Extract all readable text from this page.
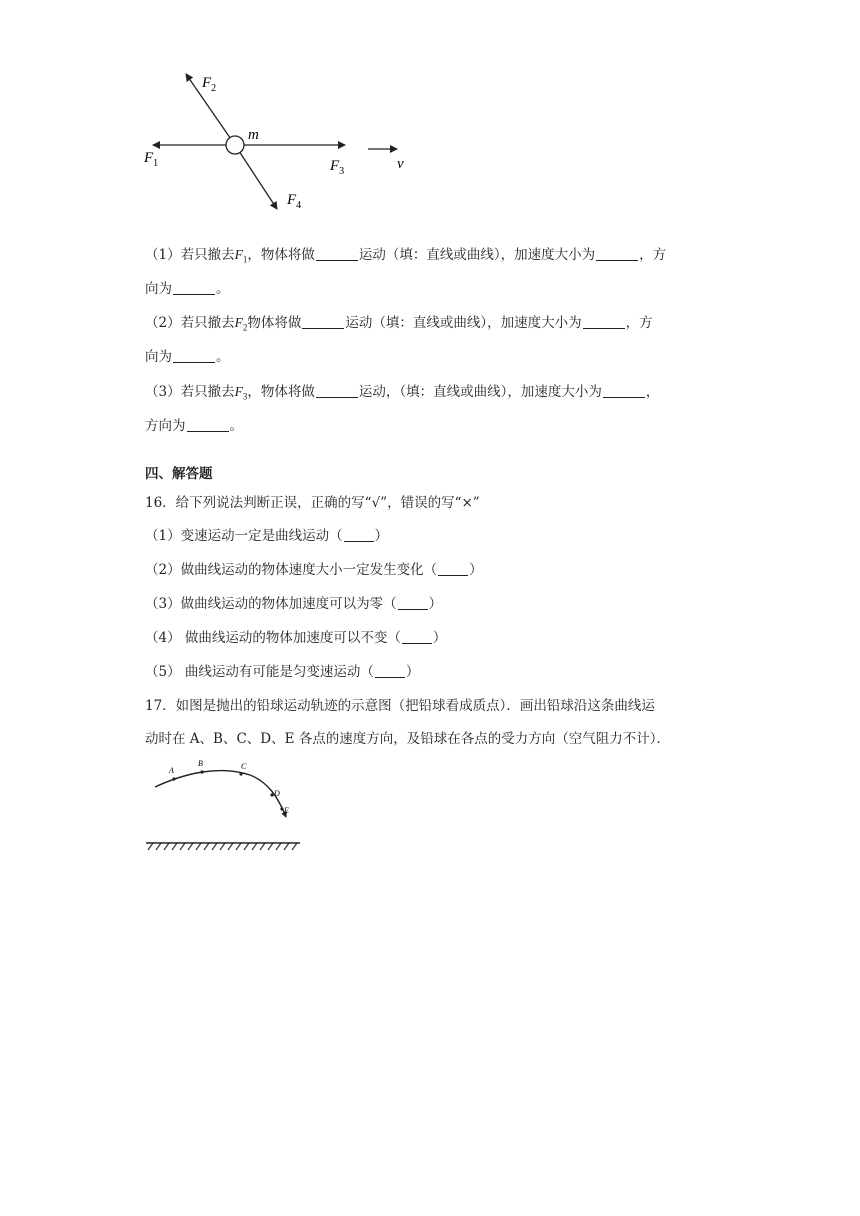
$F_2$
m
$F_1$	$F_3$
$F_4$
v
（1）若只撤去$F_1$，物体将做	运动（填：直线或曲线），加速度大小为	，方
向为	。
（2）若只撤去$F_2$物体将做	运动（填：直线或曲线），加速度大小为	，方
向为	。
（3）若只撤去$F_3$，物体将做	运动，（填：直线或曲线），加速度大小为	，
方向为	。
四、解答题
16．给下列说法判断正误，正确的写“√”，错误的写“×”
（1）变速运动一定是曲线运动（ ）
（2）做曲线运动的物体速度大小一定发生变化（ ）
（3）做曲线运动的物体加速度可以为零（ ）
（4） 做曲线运动的物体加速度可以不变（ ）
（5） 曲线运动有可能是匀变速运动（ ）
17．如图是抛出的铅球运动轨迹的示意图（把铅球看成质点）．画出铅球沿这条曲线运
动时在 A、B、C、D、E 各点的速度方向，及铅球在各点的受力方向（空气阻力不计）．
A
B	C
D
E
